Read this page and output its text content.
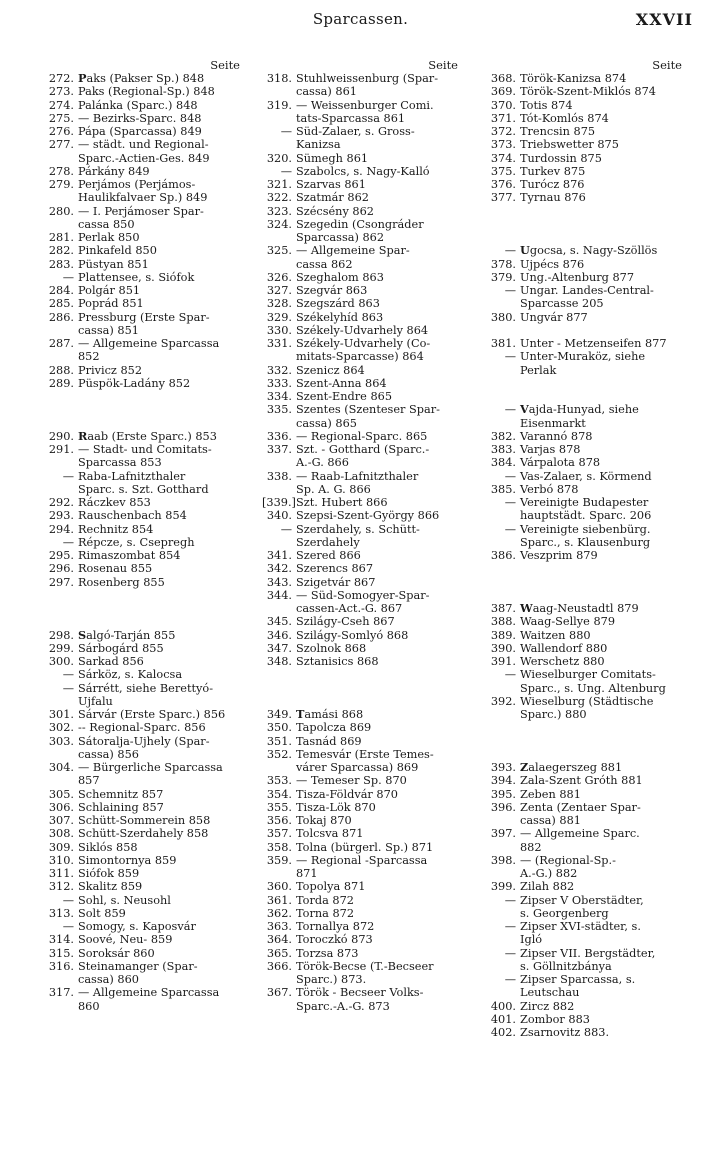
Sparcassen.	XXVII
Seite
272. Paks (Pakser Sp.) 848
273. Paks (Regional-Sp.) 848
274. Palánka (Sparc.) 848
275. — Bezirks-Sparc. 848
276. Pápa (Sparcassa) 849
277. — städt. und Regional-
Sparc.-Actien-Ges. 849
278. Párkány 849
279. Perjámos (Perjámos-
Haulikfalvaer Sp.) 849
280. — I. Perjámoser Spar-
cassa 850
281. Perlak 850
282. Pinkafeld 850
283. Püstyan 851
— Plattensee, s. Siófok
284. Polgár 851
285. Poprád 851
286. Pressburg (Erste Spar-
cassa) 851
287. — Allgemeine Sparcassa
852
288. Privicz 852
289. Püspök-Ladány 852
290. Raab (Erste Sparc.) 853
291. — Stadt- und Comitats-
Sparcassa 853
— Raba-Lafnitzthaler
Sparc. s. Szt. Gotthard
292. Ráczkev 853
293. Rauschenbach 854
294. Rechnitz 854
— Répcze, s. Csepregh
295. Rimaszombat 854
296. Rosenau 855
297. Rosenberg 855
298. Salgó-Tarján 855
299. Sárbogárd 855
300. Sarkad 856
— Sárköz, s. Kalocsa
— Sárrétt, siehe Berettyó-
Ujfalu
301. Sárvár (Erste Sparc.) 856
302. -- Regional-Sparc. 856
303. Sátoralja-Ujhely (Spar-
cassa) 856
304. — Bürgerliche Sparcassa
857
305. Schemnitz 857
306. Schlaining 857
307. Schütt-Sommerein 858
308. Schütt-Szerdahely 858
309. Siklós 858
310. Simontornya 859
311. Siófok 859
312. Skalitz 859
— Sohl, s. Neusohl
313. Solt 859
— Somogy, s. Kaposvár
314. Soové, Neu- 859
315. Soroksár 860
316. Steinamanger (Spar-
cassa) 860
317. — Allgemeine Sparcassa
860
Seite
318. Stuhlweissenburg (Spar-
cassa) 861
319. — Weissenburger Comi.
tats-Sparcassa 861
— Süd-Zalaer, s. Gross-
Kanizsa
320. Sümegh 861
— Szabolcs, s. Nagy-Kalló
321. Szarvas 861
322. Szatmár 862
323. Szécsény 862
324. Szegedin (Csongráder
Sparcassa) 862
325. — Allgemeine Spar-
cassa 862
326. Szeghalom 863
327. Szegvár 863
328. Szegszárd 863
329. Székelyhíd 863
330. Székely-Udvarhely 864
331. Székely-Udvarhely (Co-
mitats-Sparcasse) 864
332. Szenicz 864
333. Szent-Anna 864
334. Szent-Endre 865
335. Szentes (Szenteser Spar-
cassa) 865
336. — Regional-Sparc. 865
337. Szt. - Gotthard (Sparc.-
A.-G. 866
338. — Raab-Lafnitzthaler
Sp. A. G. 866
[339.] Szt. Hubert 866
340. Szepsi-Szent-György 866
— Szerdahely, s. Schütt-
Szerdahely
341. Szered 866
342. Szerencs 867
343. Szigetvár 867
344. — Süd-Somogyer-Spar-
cassen-Act.-G. 867
345. Szilágy-Cseh 867
346. Szilágy-Somlyó 868
347. Szolnok 868
348. Sztanisics 868
349. Tamási 868
350. Tapolcza 869
351. Tasnád 869
352. Temesvár (Erste Temes-
várer Sparcassa) 869
353. — Temeser Sp. 870
354. Tisza-Földvár 870
355. Tisza-Lök 870
356. Tokaj 870
357. Tolcsva 871
358. Tolna (bürgerl. Sp.) 871
359. — Regional -Sparcassa
871
360. Topolya 871
361. Torda 872
362. Torna 872
363. Tornallya 872
364. Toroczkó 873
365. Torzsa 873
366. Török-Becse (T.-Becseer
Sparc.) 873.
367. Török - Becseer Volks-
Sparc.-A.-G. 873
Seite
368. Török-Kanizsa 874
369. Török-Szent-Miklós 874
370. Totis 874
371. Tót-Komlós 874
372. Trencsin 875
373. Triebswetter 875
374. Turdossin 875
375. Turkev 875
376. Turócz 876
377. Tyrnau 876
— Ugocsa, s. Nagy-Szöllös
378. Ujpécs 876
379. Ung.-Altenburg 877
— Ungar. Landes-Central-
Sparcasse 205
380. Ungvár 877
381. Unter - Metzenseifen 877
— Unter-Muraköz, siehe
Perlak
— Vajda-Hunyad, siehe
Eisenmarkt
382. Varannó 878
383. Varjas 878
384. Várpalota 878
— Vas-Zalaer, s. Körmend
385. Verbó 878
— Vereinigte Budapester
hauptstädt. Sparc. 206
— Vereinigte siebenbürg.
Sparc., s. Klausenburg
386. Veszprim 879
387. Waag-Neustadtl 879
388. Waag-Sellye 879
389. Waitzen 880
390. Wallendorf 880
391. Werschetz 880
— Wieselburger Comitats-
Sparc., s. Ung. Altenburg
392. Wieselburg (Städtische
Sparc.) 880
393. Zalaegerszeg 881
394. Zala-Szent Gróth 881
395. Zeben 881
396. Zenta (Zentaer Spar-
cassa) 881
397. — Allgemeine Sparc.
882
398. — (Regional-Sp.-
A.-G.) 882
399. Zilah 882
— Zipser V Oberstädter,
s. Georgenberg
— Zipser XVI-städter, s.
Igló
— Zipser VII. Bergstädter,
s. Göllnitzbánya
— Zipser Sparcassa, s.
Leutschau
400. Zircz 882
401. Zombor 883
402. Zsarnovitz 883.
